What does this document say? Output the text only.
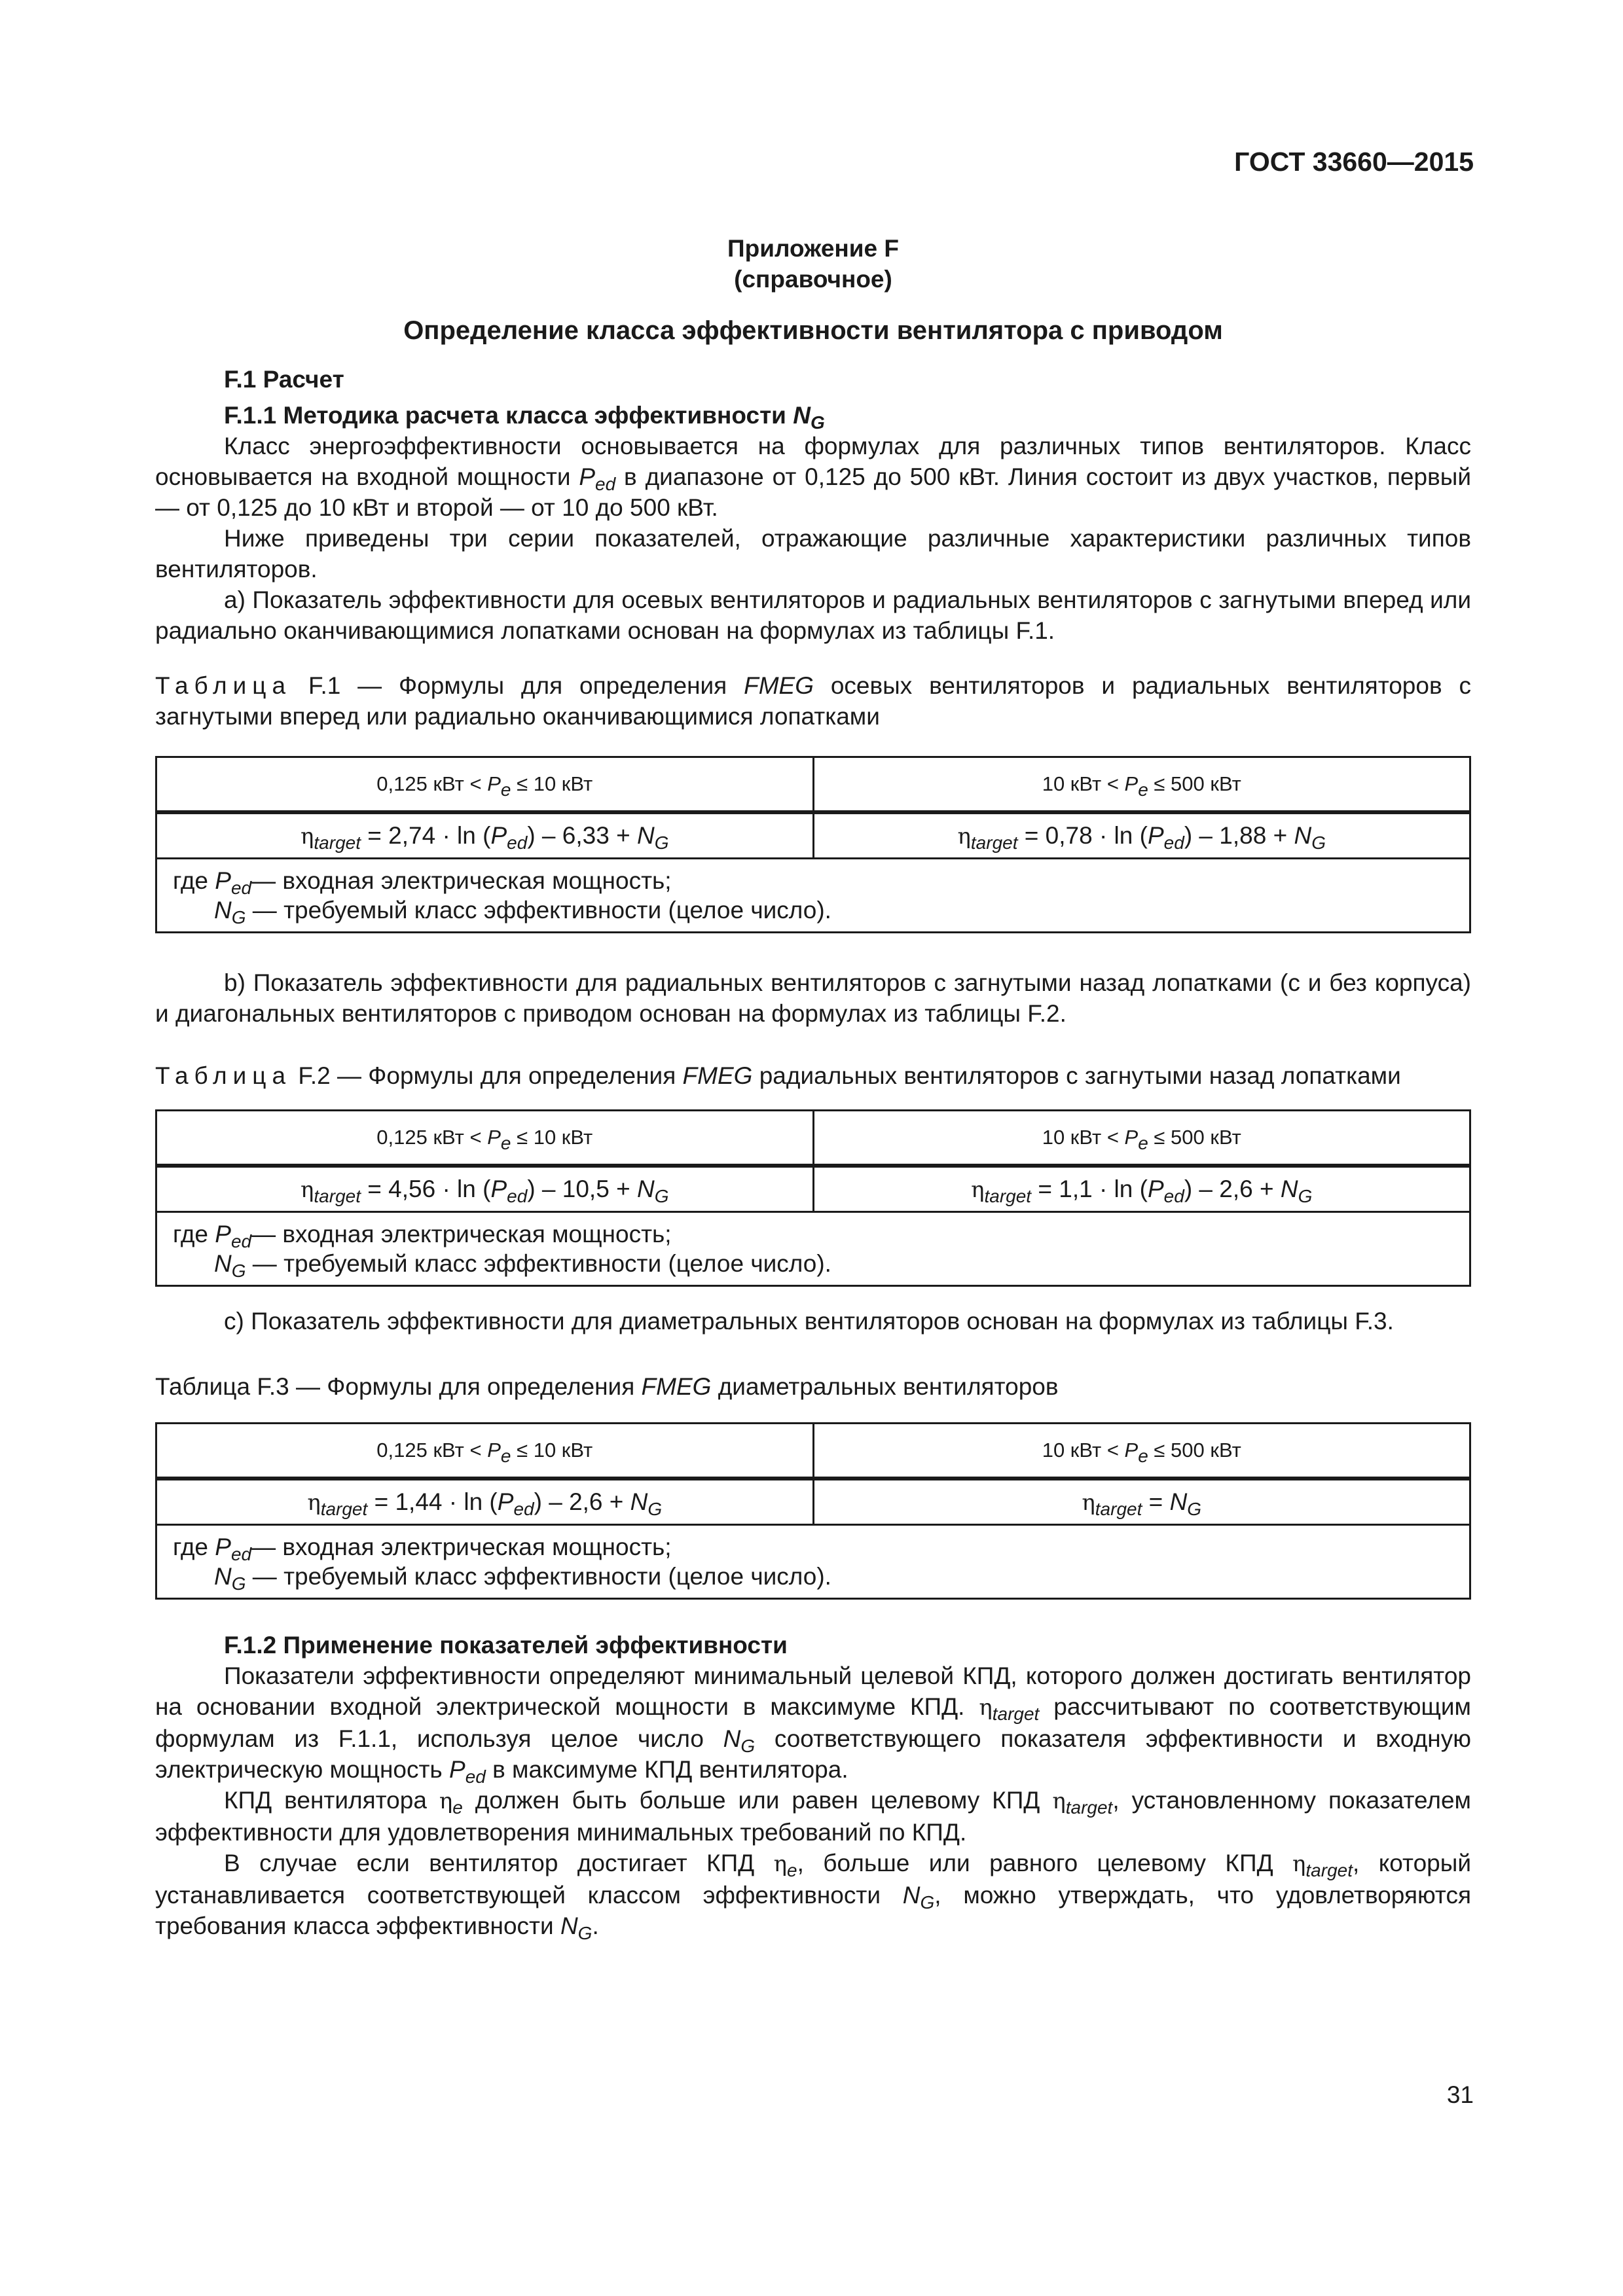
ГОСТ 33660—2015
Приложение F
(справочное)
Определение класса эффективности вентилятора с приводом

F.1 Расчет

F.1.1 Методика расчета класса эффективности $N_G$

Класс энергоэффективности основывается на формулах для различных типов вентиляторов. Класс основывается на входной мощности $P_{ed}$ в диапазоне от 0,125 до 500 кВт. Линия состоит из двух участков, первый — от 0,125 до 10 кВт и второй — от 10 до 500 кВт.

Ниже приведены три серии показателей, отражающие различные характеристики различных типов вентиляторов.

а) Показатель эффективности для осевых вентиляторов и радиальных вентиляторов с загнутыми вперед или радиально оканчивающимися лопатками основан на формулах из таблицы F.1.

Таблица F.1 — Формулы для определения FMEG осевых вентиляторов и радиальных вентиляторов с загнутыми вперед или радиально оканчивающимися лопатками

0,125 кВт < $P_e \le 10$ кВт	10 кВт < $P_e \le 500$ кВт
$\eta_{target} = 2,74 \cdot \ln (P_{ed}) - 6,33 + N_G$	$\eta_{target} = 0,78 \cdot \ln (P_{ed}) - 1,88 + N_G$

где $P_{ed}—$ входная электрическая мощность;
$N_G$ — требуемый класс эффективности (целое число).	

b) Показатель эффективности для радиальных вентиляторов с загнутыми назад лопатками (с и без корпуса) и диагональных вентиляторов с приводом основан на формулах из таблицы F.2.

Таблица F.2 — Формулы для определения FMEG радиальных вентиляторов с загнутыми назад лопатками

0,125 кВт < $P_e \le 10$ кВт	10 кВт < $P_e \le 500$ кВт
$\eta_{target} = 4,56 \cdot \ln (P_{ed}) - 10,5 + N_G$	$\eta_{target} = 1,1 \cdot \ln (P_{ed}) - 2,6 + N_G$

где $P_{ed}—$ входная электрическая мощность;
$N_G$ — требуемый класс эффективности (целое число).	

с) Показатель эффективности для диаметральных вентиляторов основан на формулах из таблицы F.3.

Таблица F.3 — Формулы для определения FMEG диаметральных вентиляторов

0,125 кВт < $P_e \le 10$ кВт	10 кВт < $P_e \le 500$ кВт
$\eta_{target} = 1,44 \cdot \ln (P_{ed}) - 2,6 + N_G$	$\eta_{target} = N_G$

где $P_{ed}—$ входная электрическая мощность;
$N_G$ — требуемый класс эффективности (целое число).	

F.1.2 Применение показателей эффективности

Показатели эффективности определяют минимальный целевой КПД, которого должен достигать вентилятор на основании входной электрической мощности в максимуме КПД. $\eta_{target}$ рассчитывают по соответствующим формулам из F.1.1, используя целое число $N_G$ соответствующего показателя эффективности и входную электрическую мощность $P_{ed}$ в максимуме КПД вентилятора.

КПД вентилятора $\eta_e$ должен быть больше или равен целевому КПД $\eta_{target}$, установленному показателем эффективности для удовлетворения минимальных требований по КПД.

В случае если вентилятор достигает КПД $\eta_e$, больше или равного целевому КПД $\eta_{target}$, который устанавливается соответствующей классом эффективности $N_G$, можно утверждать, что удовлетворяются требования класса эффективности $N_G$.

31
